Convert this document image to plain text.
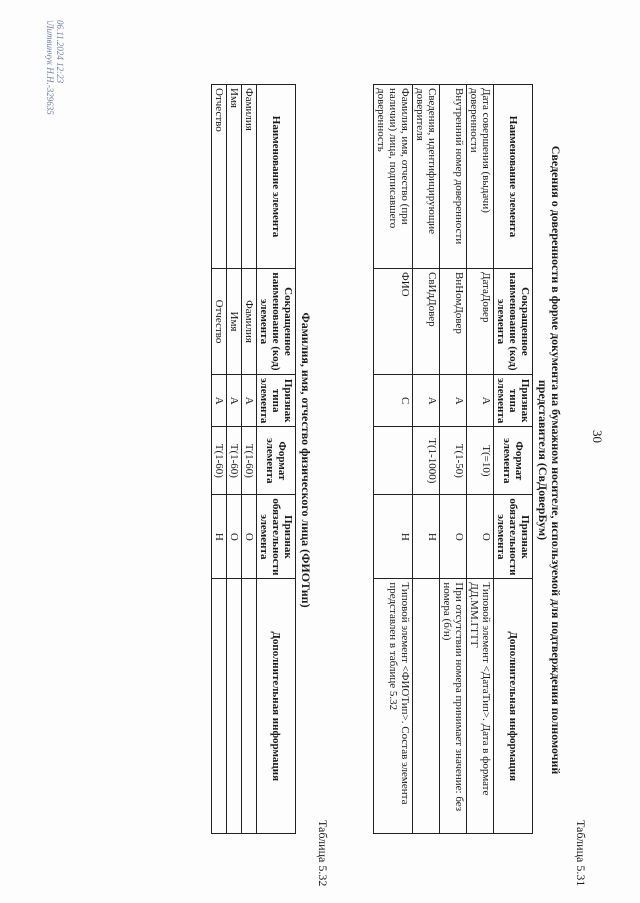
30
Таблица 5.31
Сведения о доверенности в форме документа на бумажном носителе, используемой для подтверждения полномочий
представителя (СвДоверБум)
Наименование элемента	Сокращенное наименование (код) элемента	Признак типа элемента	Формат элемента	Признак обязательности элемента	Дополнительная информация
Дата совершения (выдачи) доверенности	ДатаДовер	А	T(=10)	О	Типовой элемент <ДатаТип>. Дата в формате ДД.ММ.ГГГГ
Внутренний номер доверенности	ВнНомДовер	А	T(1-50)	О	При отсутствии номера принимает значение: без номера (б/н)
Сведения, идентифицирующие доверителя	СвИдДовер	А	T(1-1000)	Н	
Фамилия, имя, отчество (при наличии) лица, подписавшего доверенность	ФИО	С		Н	Типовой элемент <ФИОТип>. Состав элемента представлен в таблице 5.32
Таблица 5.32
Фамилия, имя, отчество физического лица (ФИОТип)
Наименование элемента	Сокращенное наименование (код) элемента	Признак типа элемента	Формат элемента	Признак обязательности элемента	Дополнительная информация
Фамилия	Фамилия	А	T(1-60)	О	
Имя	Имя	А	T(1-60)	О	
Отчество	Отчество	А	T(1-60)	Н	
06.11.2024 12:23
\Литвинчук Н.Н.-329635
